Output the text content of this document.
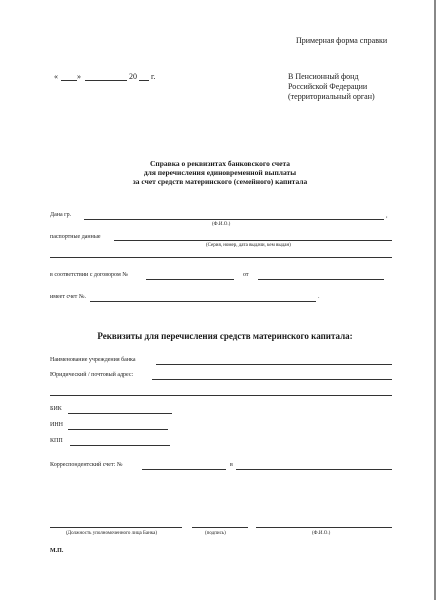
Примерная форма справки
« »	20 г.	В Пенсионный фонд
Российской Федерации
(территориальный орган)
Справка о реквизитах банковского счета
для перечисления единовременной выплаты
за счет средств материнского (семейного) капитала
Дана гр.	,
(Ф.И.О.)
паспортные данные
(Серия, номер, дата выдачи, кем выдан)
в соответствии с договором №	от
имеет счет №.	.
Реквизиты для перечисления средств материнского капитала:
Наименование учреждения банка
Юридический / почтовый адрес:
БИК
ИНН
КПП
Корреспондентский счет: №	в
(Должность уполномоченного лица Банка)	(подпись)	(Ф.И.О.)
М.П.
